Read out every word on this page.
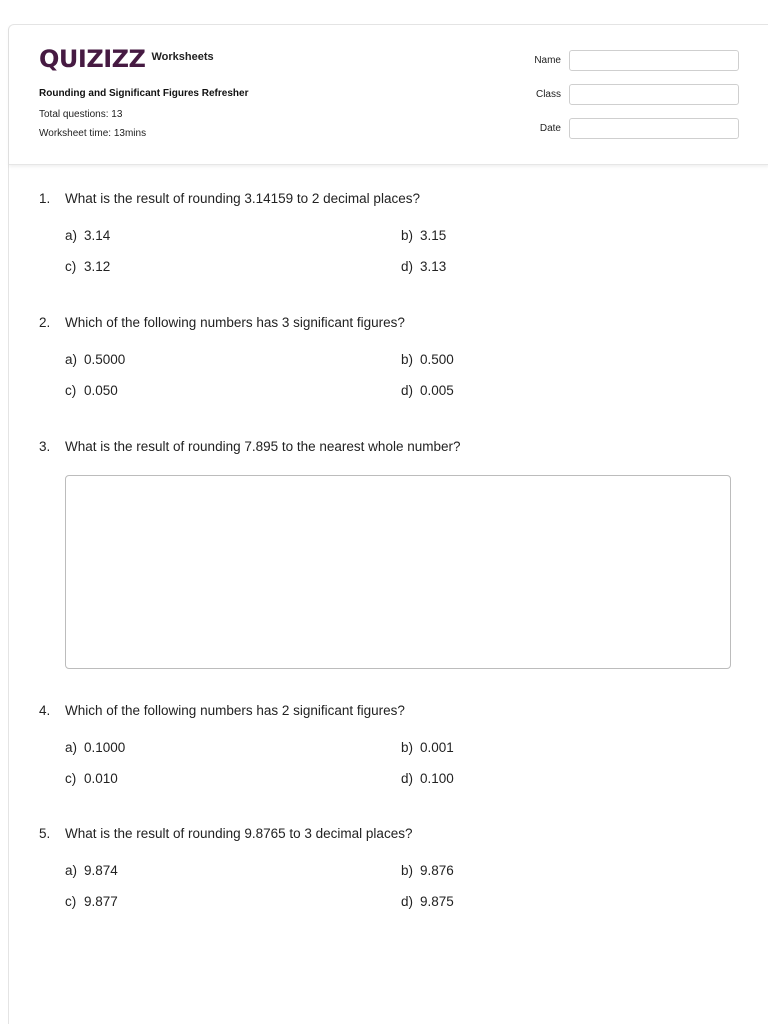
QUIZIZZ Worksheets
Rounding and Significant Figures Refresher
Total questions: 13
Worksheet time: 13mins
Name
Class
Date
1.	What is the result of rounding 3.14159 to 2 decimal places?
a) 3.14	b) 3.15
c) 3.12	d) 3.13
2.	Which of the following numbers has 3 significant figures?
a) 0.5000	b) 0.500
c) 0.050	d) 0.005
3.	What is the result of rounding 7.895 to the nearest whole number?
4.	Which of the following numbers has 2 significant figures?
a) 0.1000	b) 0.001
c) 0.010	d) 0.100
5.	What is the result of rounding 9.8765 to 3 decimal places?
a) 9.874	b) 9.876
c) 9.877	d) 9.875
